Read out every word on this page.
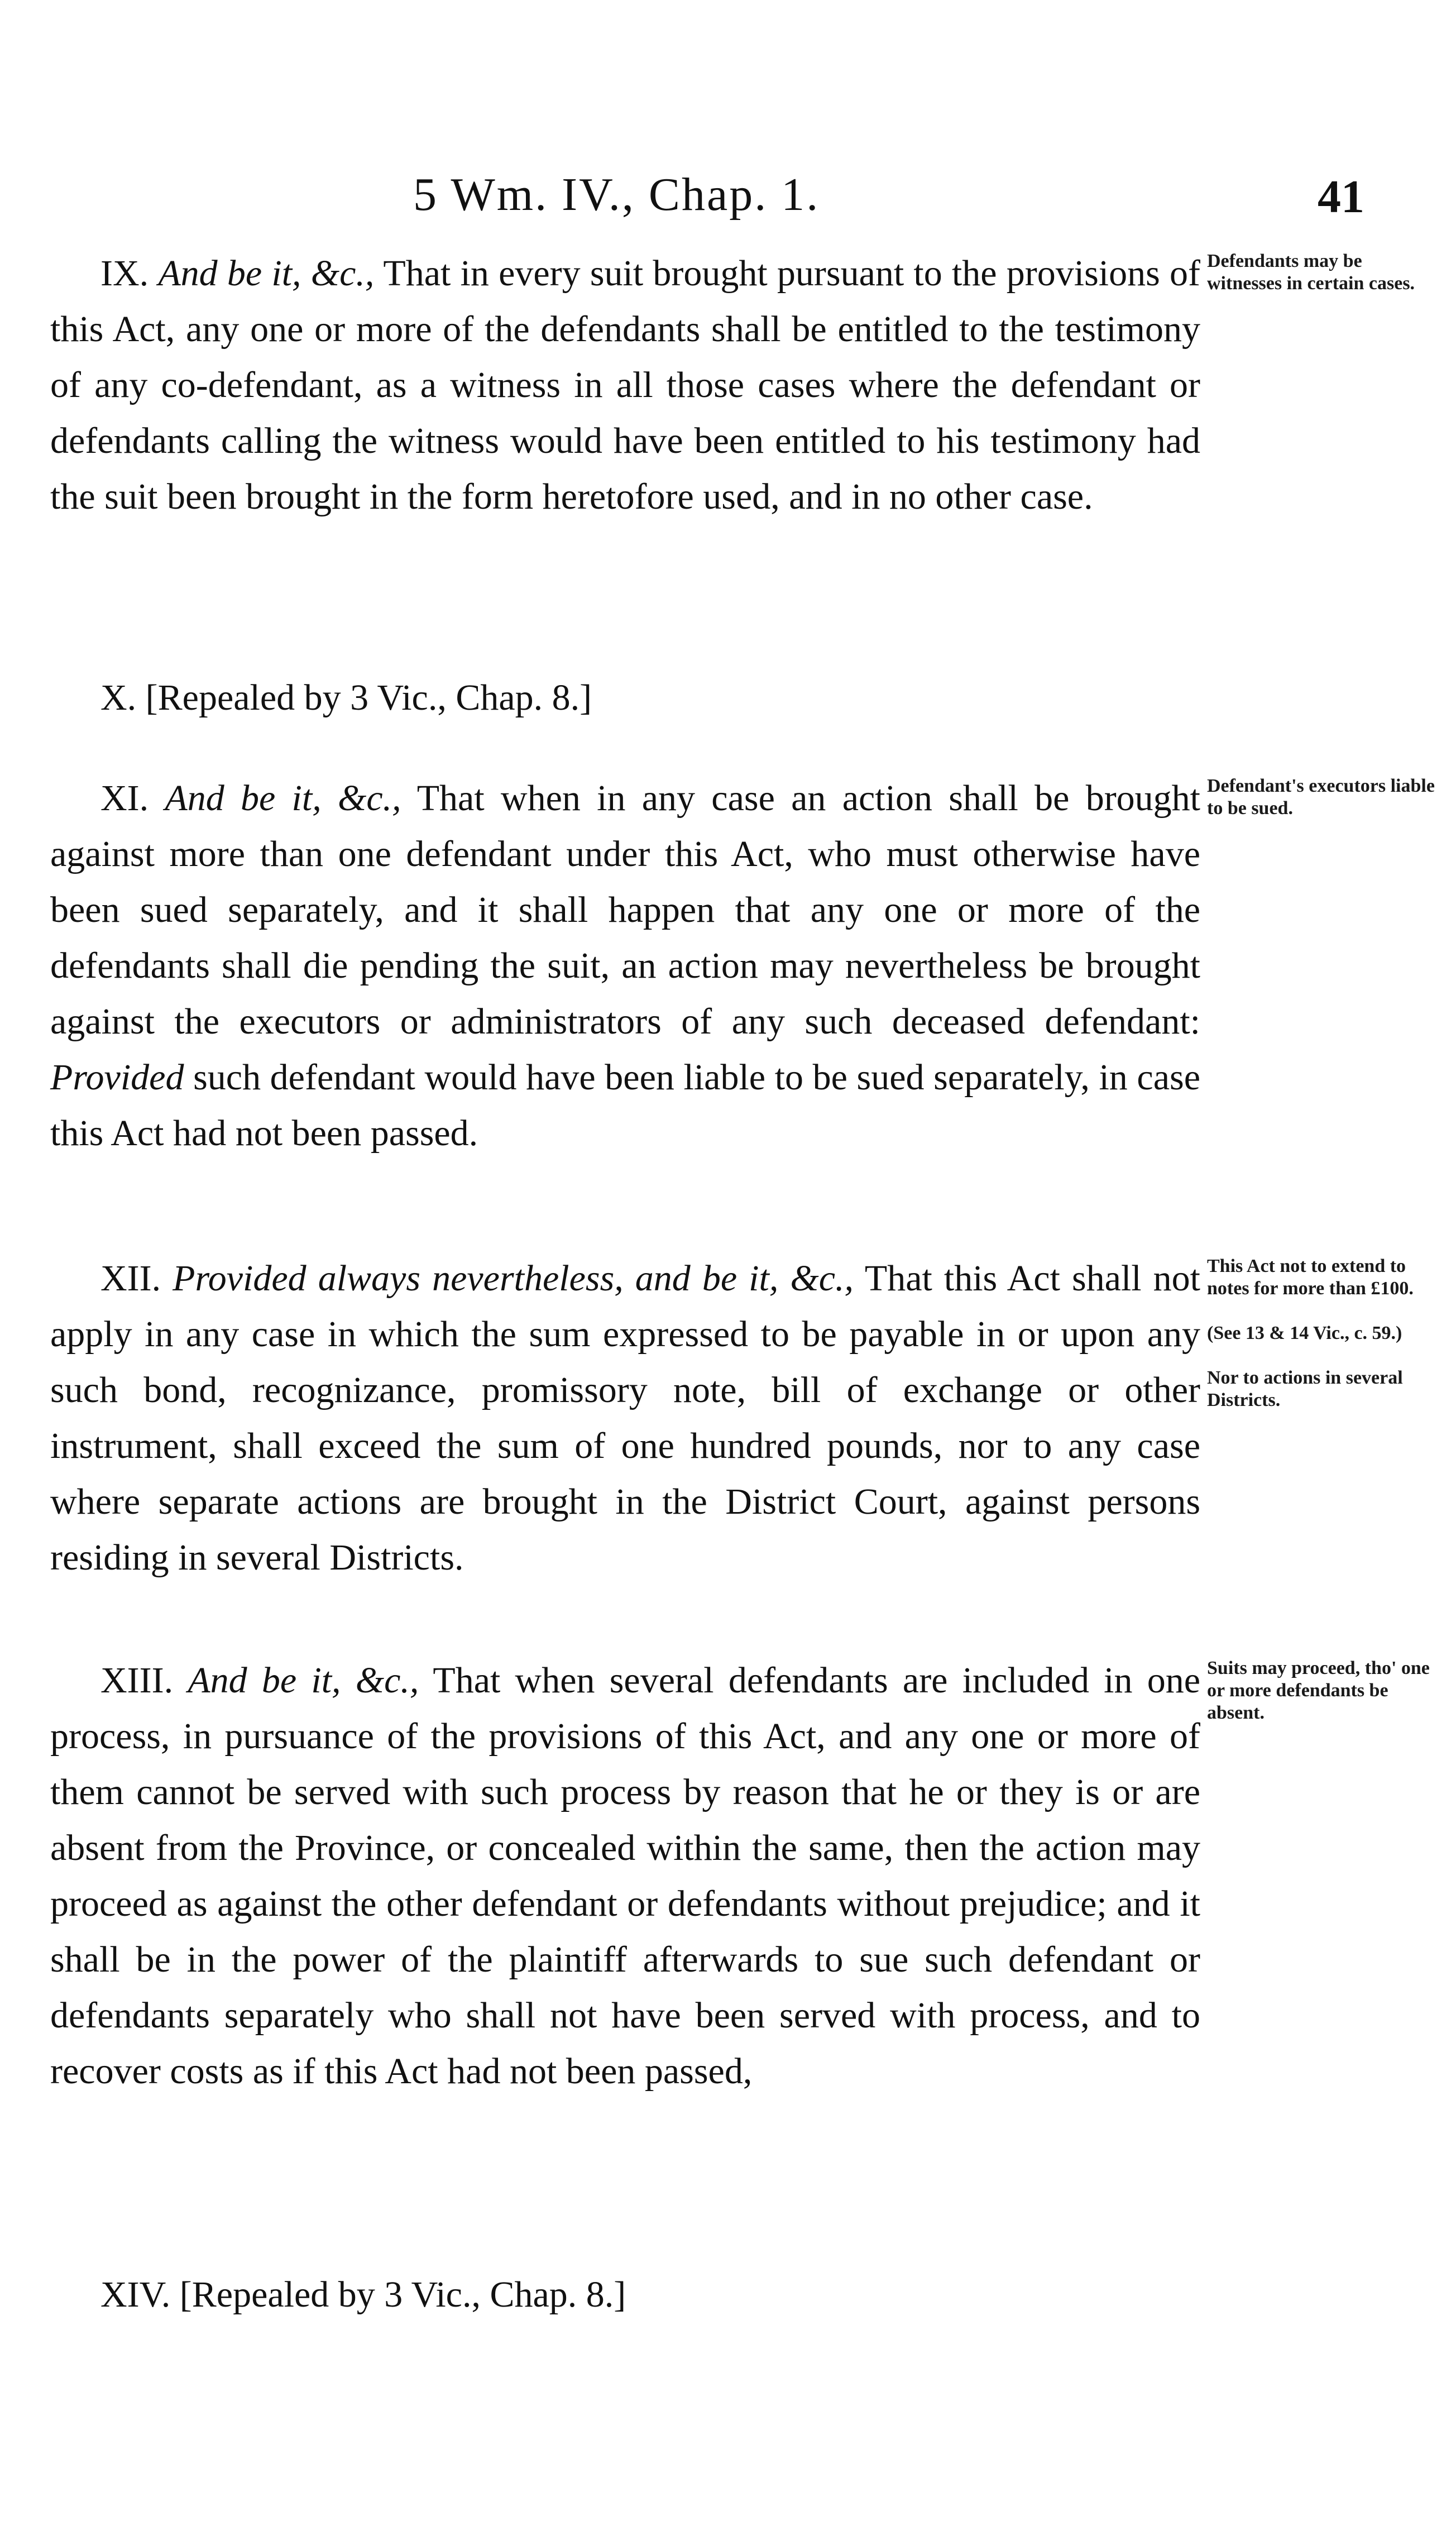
5 Wm. IV., Chap. 1.	41

IX. And be it, &c., That in every suit brought pursuant to the provisions of this Act, any one or more of the defendants shall be entitled to the testimony of any co-defendant, as a witness in all those cases where the defendant or defendants calling the witness would have been entitled to his testimony had the suit been brought in the form heretofore used, and in no other case.

Defendants may be witnesses in certain cases.

X. [Repealed by 3 Vic., Chap. 8.]

XI. And be it, &c., That when in any case an action shall be brought against more than one defendant under this Act, who must otherwise have been sued separately, and it shall happen that any one or more of the defendants shall die pending the suit, an action may nevertheless be brought against the executors or administrators of any such deceased defendant: Provided such defendant would have been liable to be sued separately, in case this Act had not been passed.

Defendant's executors liable to be sued.

XII. Provided always nevertheless, and be it, &c., That this Act shall not apply in any case in which the sum expressed to be payable in or upon any such bond, recognizance, promissory note, bill of exchange or other instrument, shall exceed the sum of one hundred pounds, nor to any case where separate actions are brought in the District Court, against persons residing in several Districts.

This Act not to extend to notes for more than £100.
(See 13 & 14 Vic., c. 59.)
Nor to actions in several Districts.

XIII. And be it, &c., That when several defendants are included in one process, in pursuance of the provisions of this Act, and any one or more of them cannot be served with such process by reason that he or they is or are absent from the Province, or concealed within the same, then the action may proceed as against the other defendant or defendants without prejudice; and it shall be in the power of the plaintiff afterwards to sue such defendant or defendants separately who shall not have been served with process, and to recover costs as if this Act had not been passed,

Suits may proceed, tho' one or more defendants be absent.

XIV. [Repealed by 3 Vic., Chap. 8.]
